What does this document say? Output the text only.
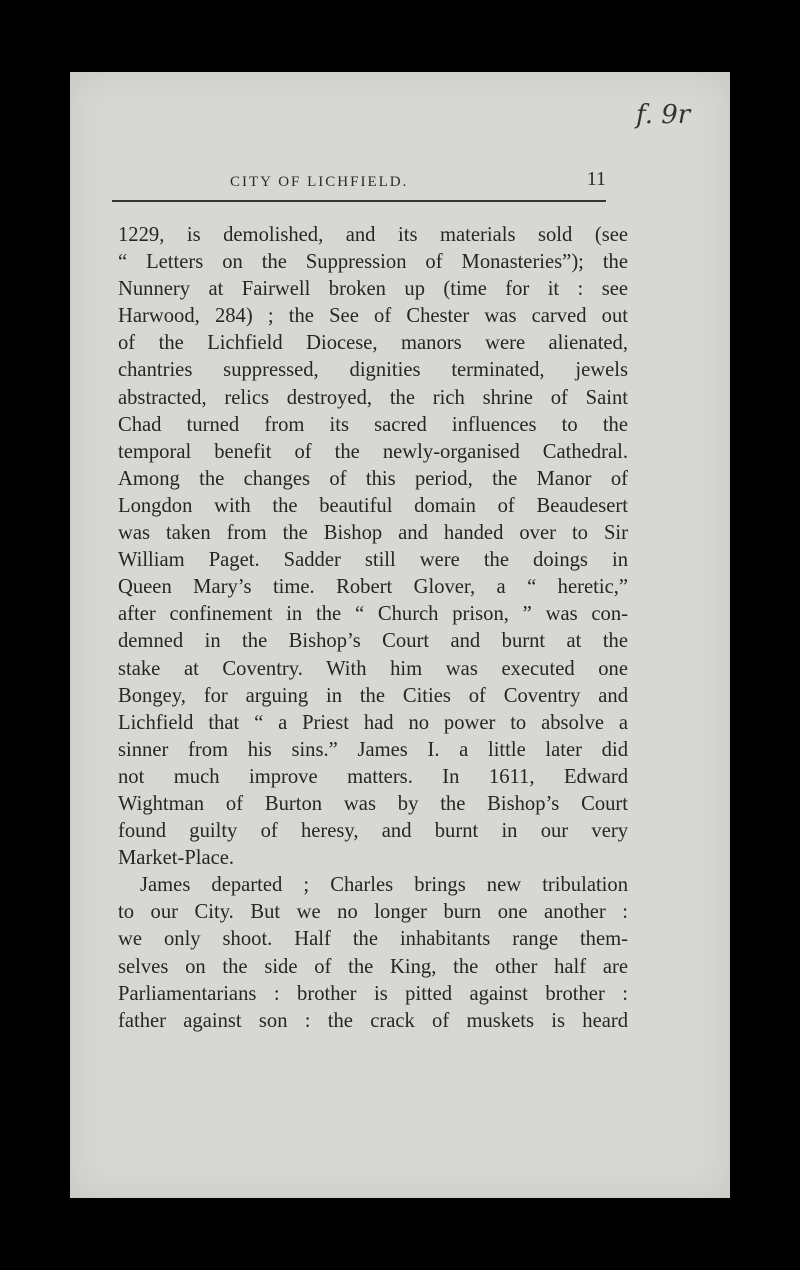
f. 9r
CITY OF LICHFIELD.	11
1229, is demolished, and its materials sold (see
“ Letters on the Suppression of Monasteries”); the
Nunnery at Fairwell broken up (time for it : see
Harwood, 284) ; the See of Chester was carved out
of the Lichfield Diocese, manors were alienated,
chantries suppressed, dignities terminated, jewels
abstracted, relics destroyed, the rich shrine of Saint
Chad turned from its sacred influences to the
temporal benefit of the newly-organised Cathedral.
Among the changes of this period, the Manor of
Longdon with the beautiful domain of Beaudesert
was taken from the Bishop and handed over to Sir
William Paget. Sadder still were the doings in
Queen Mary’s time. Robert Glover, a “ heretic,”
after confinement in the “ Church prison, ” was con-
demned in the Bishop’s Court and burnt at the
stake at Coventry. With him was executed one
Bongey, for arguing in the Cities of Coventry and
Lichfield that “ a Priest had no power to absolve a
sinner from his sins.” James I. a little later did
not much improve matters. In 1611, Edward
Wightman of Burton was by the Bishop’s Court
found guilty of heresy, and burnt in our very
Market-Place.
James departed ; Charles brings new tribulation
to our City. But we no longer burn one another :
we only shoot. Half the inhabitants range them-
selves on the side of the King, the other half are
Parliamentarians : brother is pitted against brother :
father against son : the crack of muskets is heard
